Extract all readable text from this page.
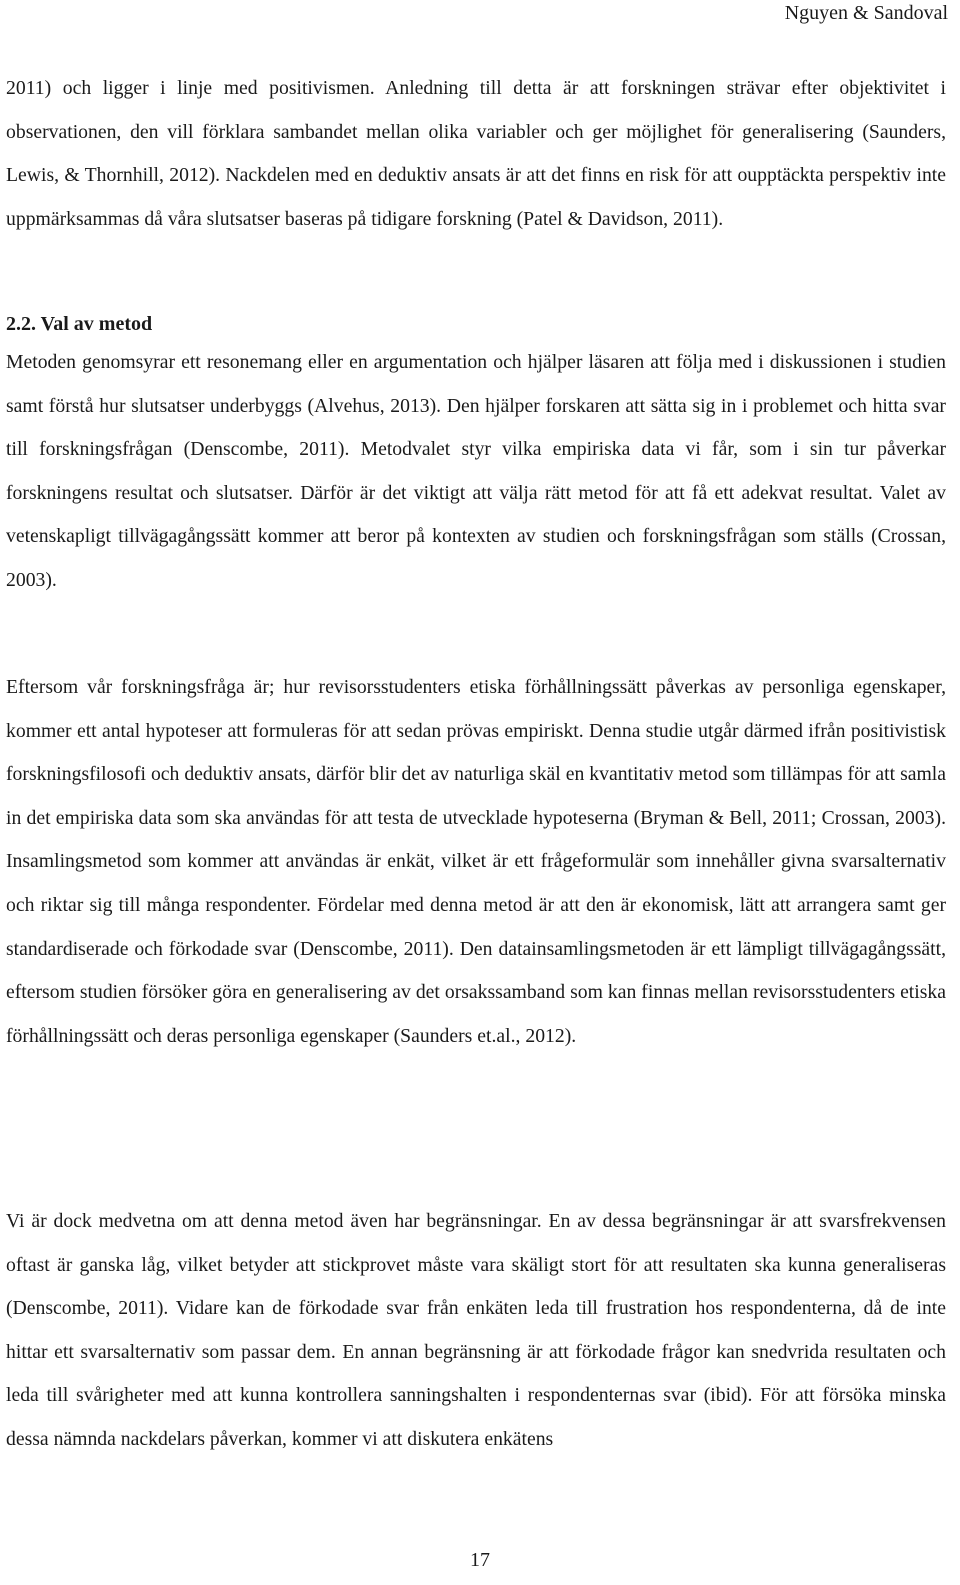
Nguyen & Sandoval

2011) och ligger i linje med positivismen. Anledning till detta är att forskningen strävar efter objektivitet i observationen, den vill förklara sambandet mellan olika variabler och ger möjlighet för generalisering (Saunders, Lewis, & Thornhill, 2012). Nackdelen med en deduktiv ansats är att det finns en risk för att oupptäckta perspektiv inte uppmärksammas då våra slutsatser baseras på tidigare forskning (Patel & Davidson, 2011).

2.2. Val av metod

Metoden genomsyrar ett resonemang eller en argumentation och hjälper läsaren att följa med i diskussionen i studien samt förstå hur slutsatser underbyggs (Alvehus, 2013). Den hjälper forskaren att sätta sig in i problemet och hitta svar till forskningsfrågan (Denscombe, 2011). Metodvalet styr vilka empiriska data vi får, som i sin tur påverkar forskningens resultat och slutsatser. Därför är det viktigt att välja rätt metod för att få ett adekvat resultat. Valet av vetenskapligt tillvägagångssätt kommer att beror på kontexten av studien och forskningsfrågan som ställs (Crossan, 2003).

Eftersom vår forskningsfråga är; hur revisorsstudenters etiska förhållningssätt påverkas av personliga egenskaper, kommer ett antal hypoteser att formuleras för att sedan prövas empiriskt. Denna studie utgår därmed ifrån positivistisk forskningsfilosofi och deduktiv ansats, därför blir det av naturliga skäl en kvantitativ metod som tillämpas för att samla in det empiriska data som ska användas för att testa de utvecklade hypoteserna (Bryman & Bell, 2011; Crossan, 2003). Insamlingsmetod som kommer att användas är enkät, vilket är ett frågeformulär som innehåller givna svarsalternativ och riktar sig till många respondenter. Fördelar med denna metod är att den är ekonomisk, lätt att arrangera samt ger standardiserade och förkodade svar (Denscombe, 2011). Den datainsamlingsmetoden är ett lämpligt tillvägagångssätt, eftersom studien försöker göra en generalisering av det orsakssamband som kan finnas mellan revisorsstudenters etiska förhållningssätt och deras personliga egenskaper (Saunders et.al., 2012).

Vi är dock medvetna om att denna metod även har begränsningar. En av dessa begränsningar är att svarsfrekvensen oftast är ganska låg, vilket betyder att stickprovet måste vara skäligt stort för att resultaten ska kunna generaliseras (Denscombe, 2011). Vidare kan de förkodade svar från enkäten leda till frustration hos respondenterna, då de inte hittar ett svarsalternativ som passar dem. En annan begränsning är att förkodade frågor kan snedvrida resultaten och leda till svårigheter med att kunna kontrollera sanningshalten i respondenternas svar (ibid). För att försöka minska dessa nämnda nackdelars påverkan, kommer vi att diskutera enkätens

17
